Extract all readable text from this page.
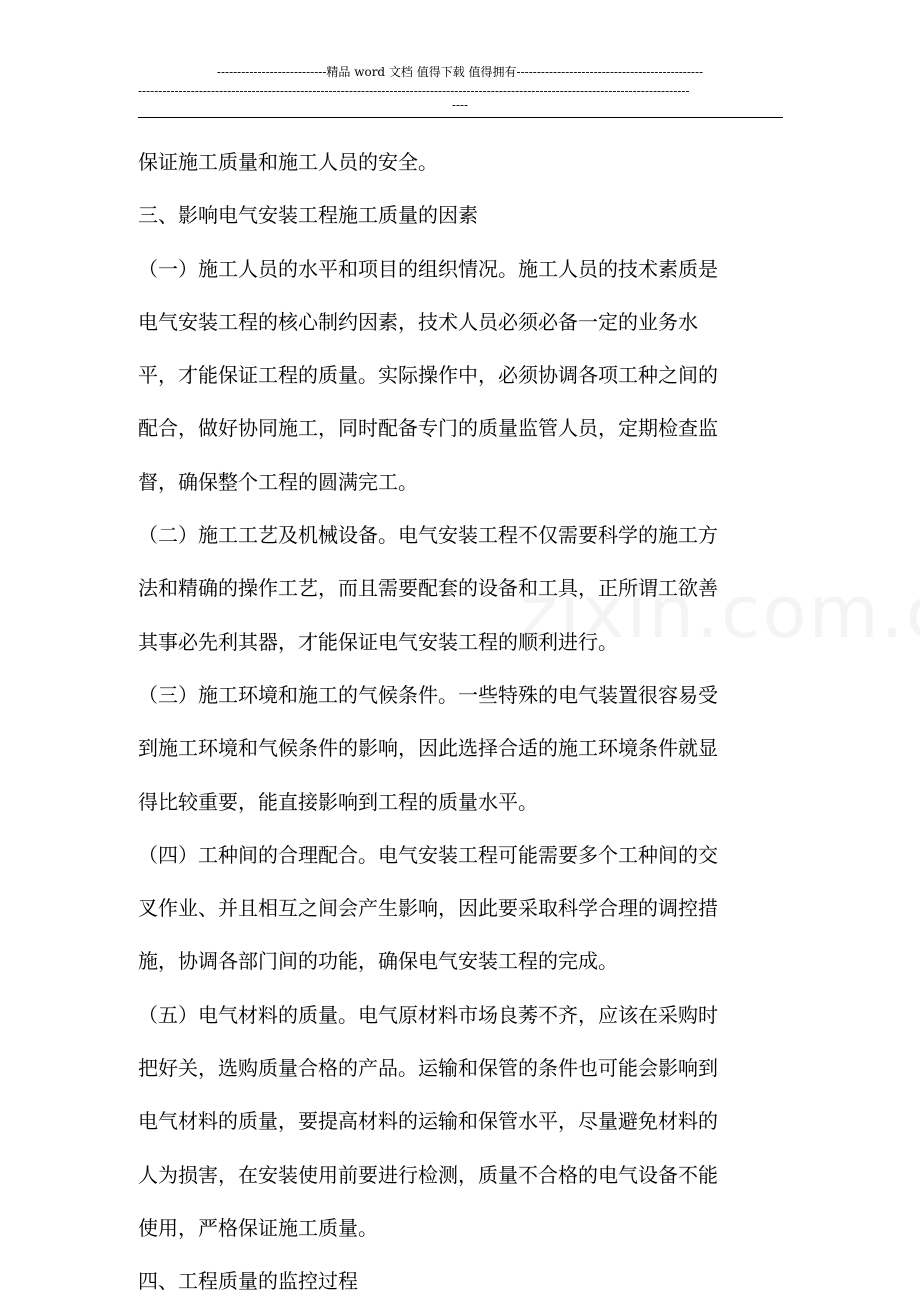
---------------------------精品 word 文档 值得下载 值得拥有----------------------------------------------
----------------------------------------------------------------------------------------------------------------------------------------
----
保证施工质量和施工人员的安全。
三、影响电气安装工程施工质量的因素
（一）施工人员的水平和项目的组织情况。施工人员的技术素质是
电气安装工程的核心制约因素，技术人员必须必备一定的业务水
平，才能保证工程的质量。实际操作中，必须协调各项工种之间的
配合，做好协同施工，同时配备专门的质量监管人员，定期检查监
督，确保整个工程的圆满完工。
（二）施工工艺及机械设备。电气安装工程不仅需要科学的施工方
法和精确的操作工艺，而且需要配套的设备和工具，正所谓工欲善
其事必先利其器，才能保证电气安装工程的顺利进行。
（三）施工环境和施工的气候条件。一些特殊的电气装置很容易受
到施工环境和气候条件的影响，因此选择合适的施工环境条件就显
得比较重要，能直接影响到工程的质量水平。
（四）工种间的合理配合。电气安装工程可能需要多个工种间的交
叉作业、并且相互之间会产生影响，因此要采取科学合理的调控措
施，协调各部门间的功能，确保电气安装工程的完成。
（五）电气材料的质量。电气原材料市场良莠不齐，应该在采购时
把好关，选购质量合格的产品。运输和保管的条件也可能会影响到
电气材料的质量，要提高材料的运输和保管水平，尽量避免材料的
人为损害，在安装使用前要进行检测，质量不合格的电气设备不能
使用，严格保证施工质量。
四、工程质量的监控过程
